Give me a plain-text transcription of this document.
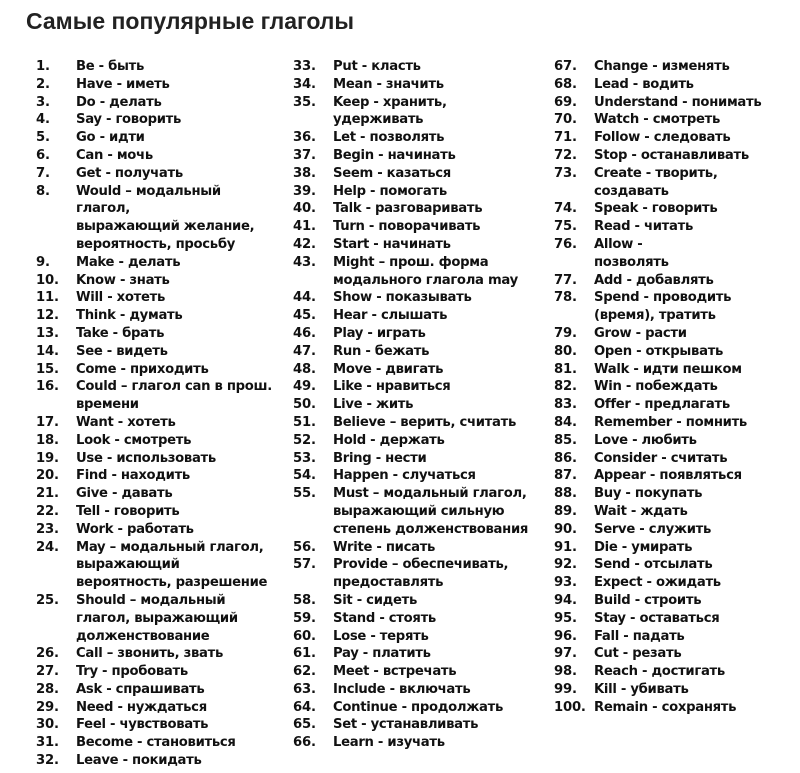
Самые популярные глаголы
1.	Be - быть
2.	Have - иметь
3.	Do - делать
4.	Say - говорить
5.	Go - идти
6.	Can - мочь
7.	Get - получать
8.	Would – модальный
глагол,
выражающий желание,
вероятность, просьбу
9.	Make - делать
10.	Know - знать
11.	Will - хотеть
12.	Think - думать
13.	Take - брать
14.	See - видеть
15.	Come - приходить
16.	Could – глагол can в прош.
времени
17.	Want - хотеть
18.	Look - смотреть
19.	Use - использовать
20.	Find - находить
21.	Give - давать
22.	Tell - говорить
23.	Work - работать
24.	May – модальный глагол,
выражающий
вероятность, разрешение
25.	Should – модальный
глагол, выражающий
долженствование
26.	Call – звонить, звать
27.	Try - пробовать
28.	Ask - спрашивать
29.	Need - нуждаться
30.	Feel - чувствовать
31.	Become - становиться
32.	Leave - покидать
33.	Put - класть
34.	Mean - значить
35.	Keep - хранить,
удерживать
36.	Let - позволять
37.	Begin - начинать
38.	Seem - казаться
39.	Help - помогать
40.	Talk - разговаривать
41.	Turn - поворачивать
42.	Start - начинать
43.	Might – прош. форма
модального глагола may
44.	Show - показывать
45.	Hear - слышать
46.	Play - играть
47.	Run - бежать
48.	Move - двигать
49.	Like - нравиться
50.	Live - жить
51.	Believe – верить, считать
52.	Hold - держать
53.	Bring - нести
54.	Happen - случаться
55.	Must – модальный глагол,
выражающий сильную
степень долженствования
56.	Write - писать
57.	Provide – обеспечивать,
предоставлять
58.	Sit - сидеть
59.	Stand - стоять
60.	Lose - терять
61.	Pay - платить
62.	Meet - встречать
63.	Include - включать
64.	Continue - продолжать
65.	Set - устанавливать
66.	Learn - изучать
67.	Change - изменять
68.	Lead - водить
69.	Understand - понимать
70.	Watch - смотреть
71.	Follow - следовать
72.	Stop - останавливать
73.	Create - творить,
создавать
74.	Speak - говорить
75.	Read - читать
76.	Allow -
позволять
77.	Add - добавлять
78.	Spend - проводить
(время), тратить
79.	Grow - расти
80.	Open - открывать
81.	Walk - идти пешком
82.	Win - побеждать
83.	Offer - предлагать
84.	Remember - помнить
85.	Love - любить
86.	Consider - считать
87.	Appear - появляться
88.	Buy - покупать
89.	Wait - ждать
90.	Serve - служить
91.	Die - умирать
92.	Send - отсылать
93.	Expect - ожидать
94.	Build - строить
95.	Stay - оставаться
96.	Fall - падать
97.	Cut - резать
98.	Reach - достигать
99.	Kill - убивать
100. Remain - сохранять
